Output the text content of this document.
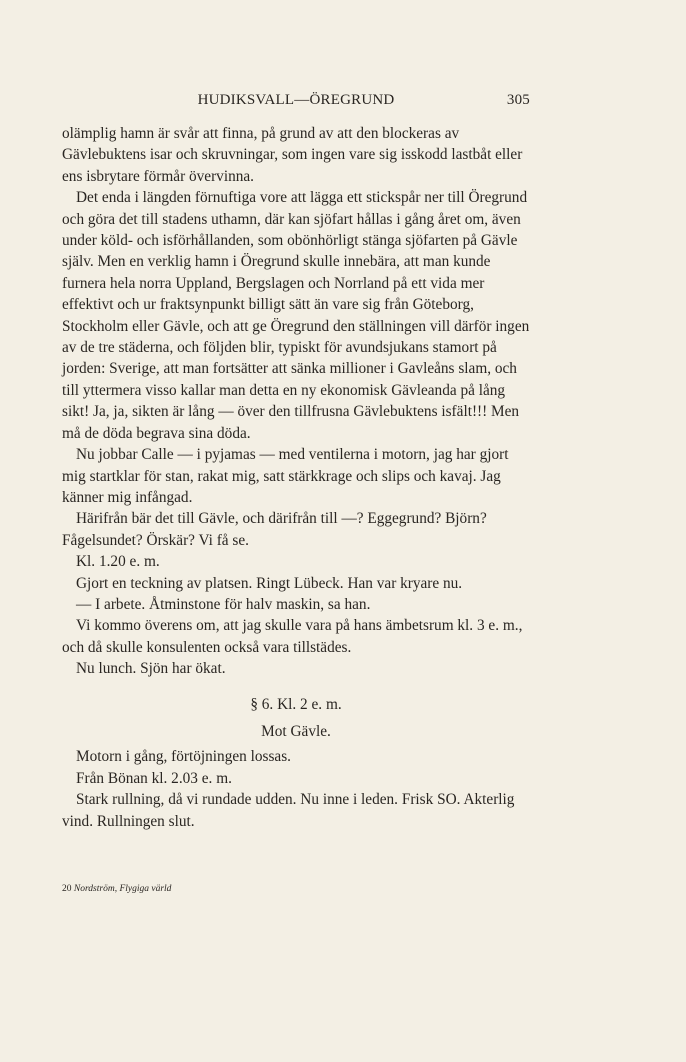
HUDIKSVALL—ÖREGRUND	305

olämplig hamn är svår att finna, på grund av att den blockeras av Gävlebuktens isar och skruvningar, som ingen vare sig isskodd lastbåt eller ens isbrytare förmår övervinna.

Det enda i längden förnuftiga vore att lägga ett stickspår ner till Öregrund och göra det till stadens uthamn, där kan sjöfart hållas i gång året om, även under köld- och isförhållanden, som obönhörligt stänga sjöfarten på Gävle själv. Men en verklig hamn i Öregrund skulle innebära, att man kunde furnera hela norra Uppland, Bergslagen och Norrland på ett vida mer effektivt och ur fraktsynpunkt billigt sätt än vare sig från Göteborg, Stockholm eller Gävle, och att ge Öregrund den ställningen vill därför ingen av de tre städerna, och följden blir, typiskt för avundsjukans stamort på jorden: Sverige, att man fortsätter att sänka millioner i Gavleåns slam, och till yttermera visso kallar man detta en ny ekonomisk Gävleanda på lång sikt! Ja, ja, sikten är lång — över den tillfrusna Gävlebuktens isfält!!! Men må de döda begrava sina döda.

Nu jobbar Calle — i pyjamas — med ventilerna i motorn, jag har gjort mig startklar för stan, rakat mig, satt stärkkrage och slips och kavaj. Jag känner mig infångad.

Härifrån bär det till Gävle, och därifrån till —? Eggegrund? Björn? Fågelsundet? Örskär? Vi få se.

Kl. 1.20 e. m.

Gjort en teckning av platsen. Ringt Lübeck. Han var kryare nu.

— I arbete. Åtminstone för halv maskin, sa han.

Vi kommo överens om, att jag skulle vara på hans ämbetsrum kl. 3 e. m., och då skulle konsulenten också vara tillstädes.

Nu lunch. Sjön har ökat.

§ 6. Kl. 2 e. m.

Mot Gävle.

Motorn i gång, förtöjningen lossas.

Från Bönan kl. 2.03 e. m.

Stark rullning, då vi rundade udden. Nu inne i leden. Frisk SO. Akterlig vind. Rullningen slut.

20 Nordström, Flygiga värld
